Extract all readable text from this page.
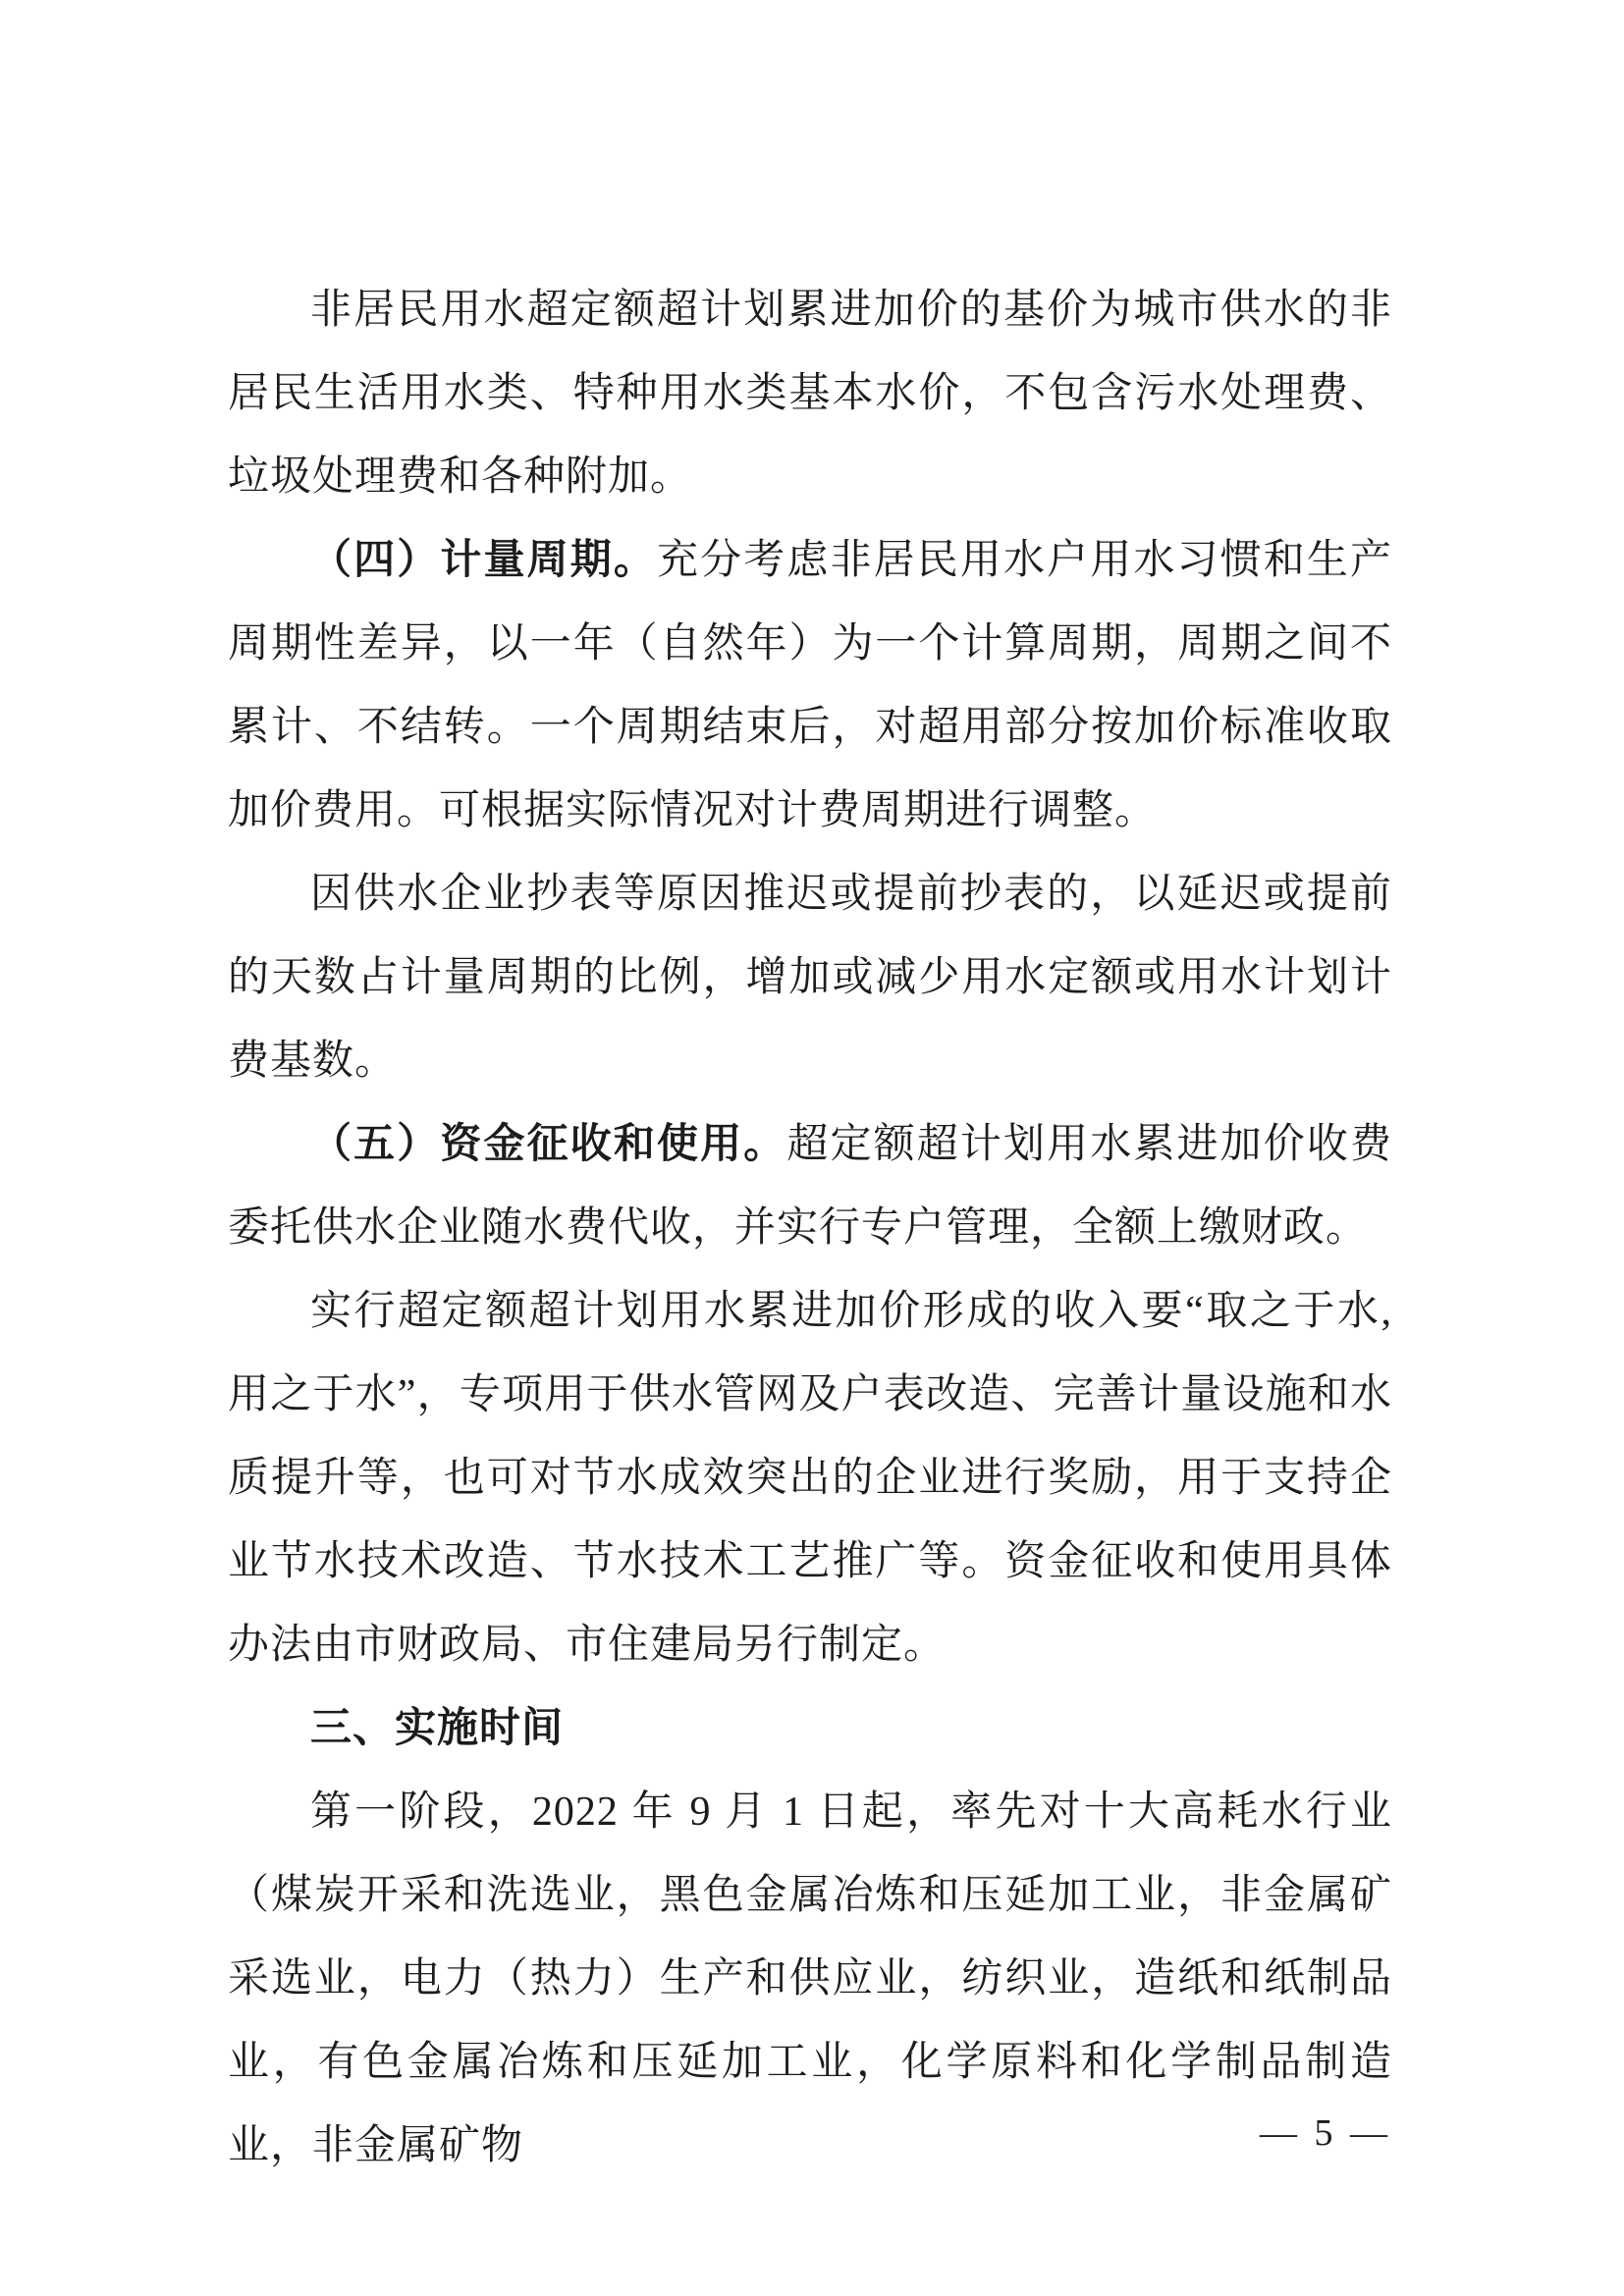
非居民用水超定额超计划累进加价的基价为城市供水的非居民生活用水类、特种用水类基本水价，不包含污水处理费、垃圾处理费和各种附加。

（四）计量周期。充分考虑非居民用水户用水习惯和生产周期性差异，以一年（自然年）为一个计算周期，周期之间不累计、不结转。一个周期结束后，对超用部分按加价标准收取加价费用。可根据实际情况对计费周期进行调整。

因供水企业抄表等原因推迟或提前抄表的，以延迟或提前的天数占计量周期的比例，增加或减少用水定额或用水计划计费基数。

（五）资金征收和使用。超定额超计划用水累进加价收费委托供水企业随水费代收，并实行专户管理，全额上缴财政。

实行超定额超计划用水累进加价形成的收入要“取之于水,用之于水”，专项用于供水管网及户表改造、完善计量设施和水质提升等，也可对节水成效突出的企业进行奖励，用于支持企业节水技术改造、节水技术工艺推广等。资金征收和使用具体办法由市财政局、市住建局另行制定。

三、实施时间

第一阶段，2022 年 9 月 1 日起，率先对十大高耗水行业（煤炭开采和洗选业，黑色金属冶炼和压延加工业，非金属矿采选业，电力（热力）生产和供应业，纺织业，造纸和纸制品业，有色金属冶炼和压延加工业，化学原料和化学制品制造业，非金属矿物	— 5 —
